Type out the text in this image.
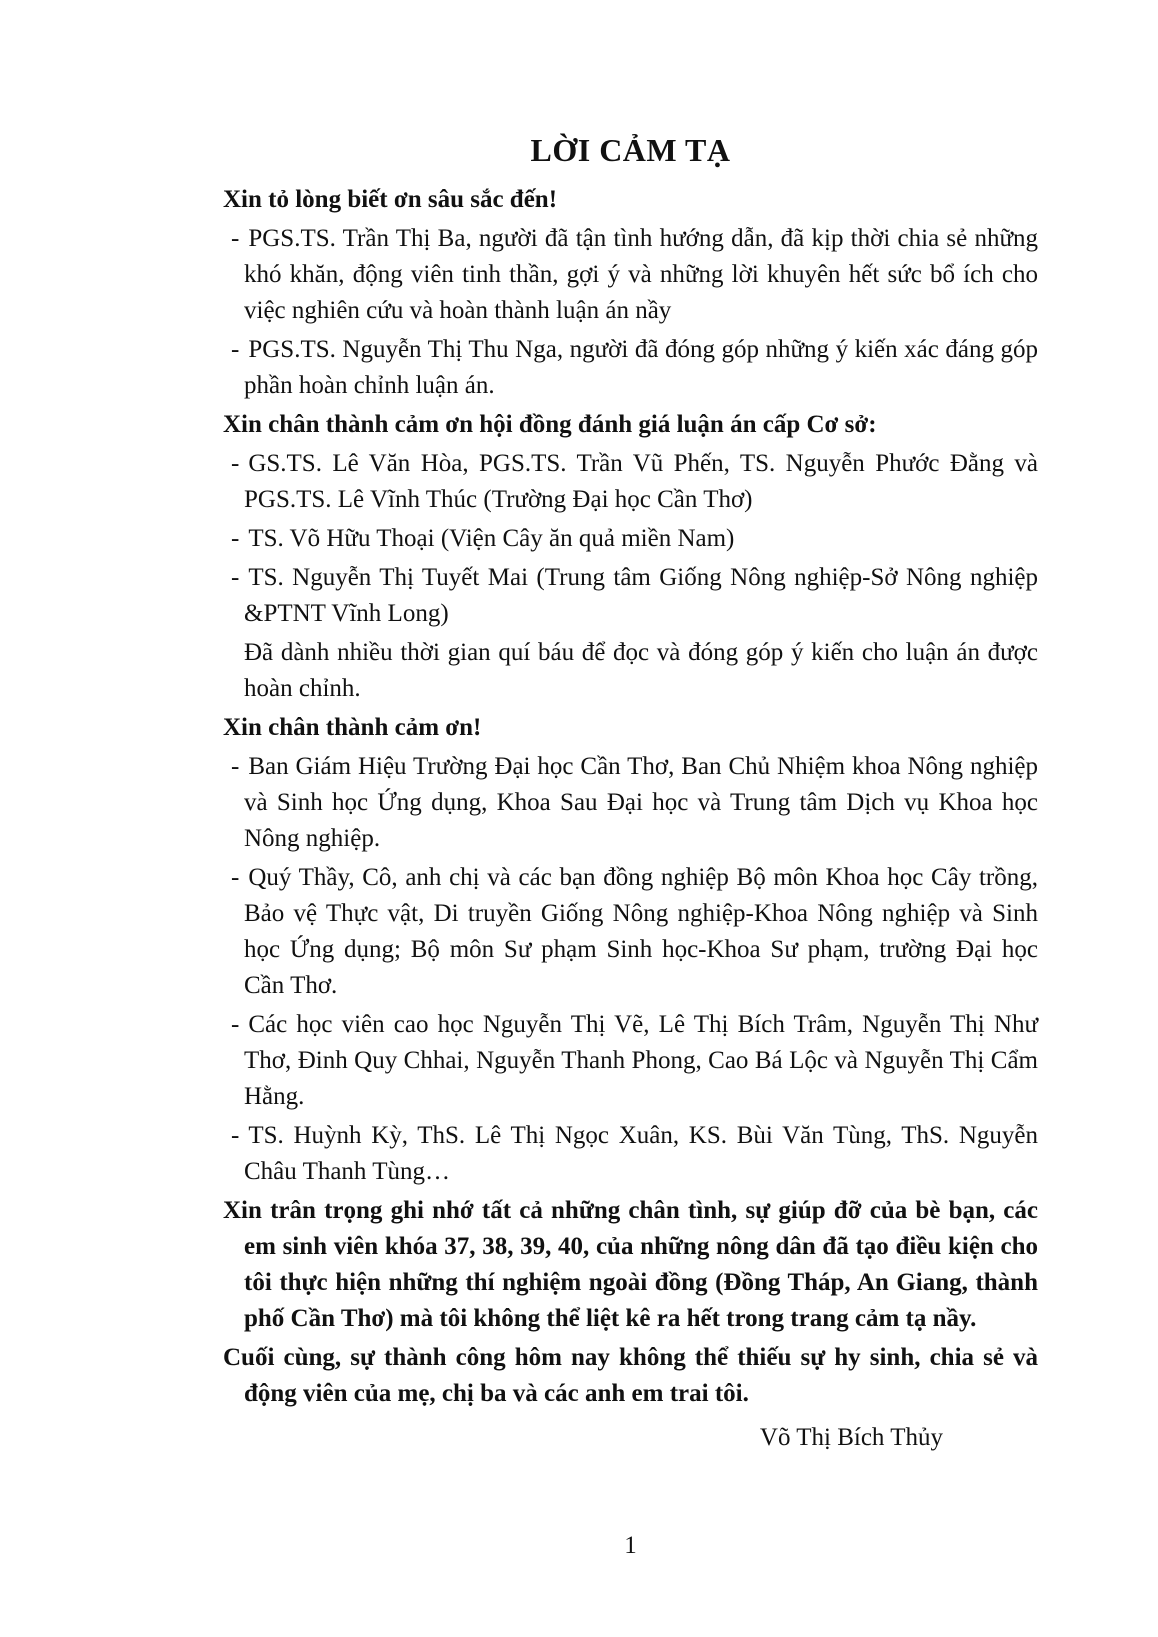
LỜI CẢM TẠ

Xin tỏ lòng biết ơn sâu sắc đến!

- PGS.TS. Trần Thị Ba, người đã tận tình hướng dẫn, đã kịp thời chia sẻ những khó khăn, động viên tinh thần, gợi ý và những lời khuyên hết sức bổ ích cho việc nghiên cứu và hoàn thành luận án nầy

- PGS.TS. Nguyễn Thị Thu Nga, người đã đóng góp những ý kiến xác đáng góp phần hoàn chỉnh luận án.

Xin chân thành cảm ơn hội đồng đánh giá luận án cấp Cơ sở:

- GS.TS. Lê Văn Hòa, PGS.TS. Trần Vũ Phến, TS. Nguyễn Phước Đằng và PGS.TS. Lê Vĩnh Thúc (Trường Đại học Cần Thơ)

- TS. Võ Hữu Thoại (Viện Cây ăn quả miền Nam)

- TS. Nguyễn Thị Tuyết Mai (Trung tâm Giống Nông nghiệp-Sở Nông nghiệp &PTNT Vĩnh Long)

Đã dành nhiều thời gian quí báu để đọc và đóng góp ý kiến cho luận án được hoàn chỉnh.

Xin chân thành cảm ơn!

- Ban Giám Hiệu Trường Đại học Cần Thơ, Ban Chủ Nhiệm khoa Nông nghiệp và Sinh học Ứng dụng, Khoa Sau Đại học và Trung tâm Dịch vụ Khoa học Nông nghiệp.

- Quý Thầy, Cô, anh chị và các bạn đồng nghiệp Bộ môn Khoa học Cây trồng, Bảo vệ Thực vật, Di truyền Giống Nông nghiệp-Khoa Nông nghiệp và Sinh học Ứng dụng; Bộ môn Sư phạm Sinh học-Khoa Sư phạm, trường Đại học Cần Thơ.

- Các học viên cao học Nguyễn Thị Vẽ, Lê Thị Bích Trâm, Nguyễn Thị Như Thơ, Đinh Quy Chhai, Nguyễn Thanh Phong, Cao Bá Lộc và Nguyễn Thị Cẩm Hằng.

- TS. Huỳnh Kỳ, ThS. Lê Thị Ngọc Xuân, KS. Bùi Văn Tùng, ThS. Nguyễn Châu Thanh Tùng…

Xin trân trọng ghi nhớ tất cả những chân tình, sự giúp đỡ của bè bạn, các em sinh viên khóa 37, 38, 39, 40, của những nông dân đã tạo điều kiện cho tôi thực hiện những thí nghiệm ngoài đồng (Đồng Tháp, An Giang, thành phố Cần Thơ) mà tôi không thể liệt kê ra hết trong trang cảm tạ nầy.

Cuối cùng, sự thành công hôm nay không thể thiếu sự hy sinh, chia sẻ và động viên của mẹ, chị ba và các anh em trai tôi.

Võ Thị Bích Thủy
1
